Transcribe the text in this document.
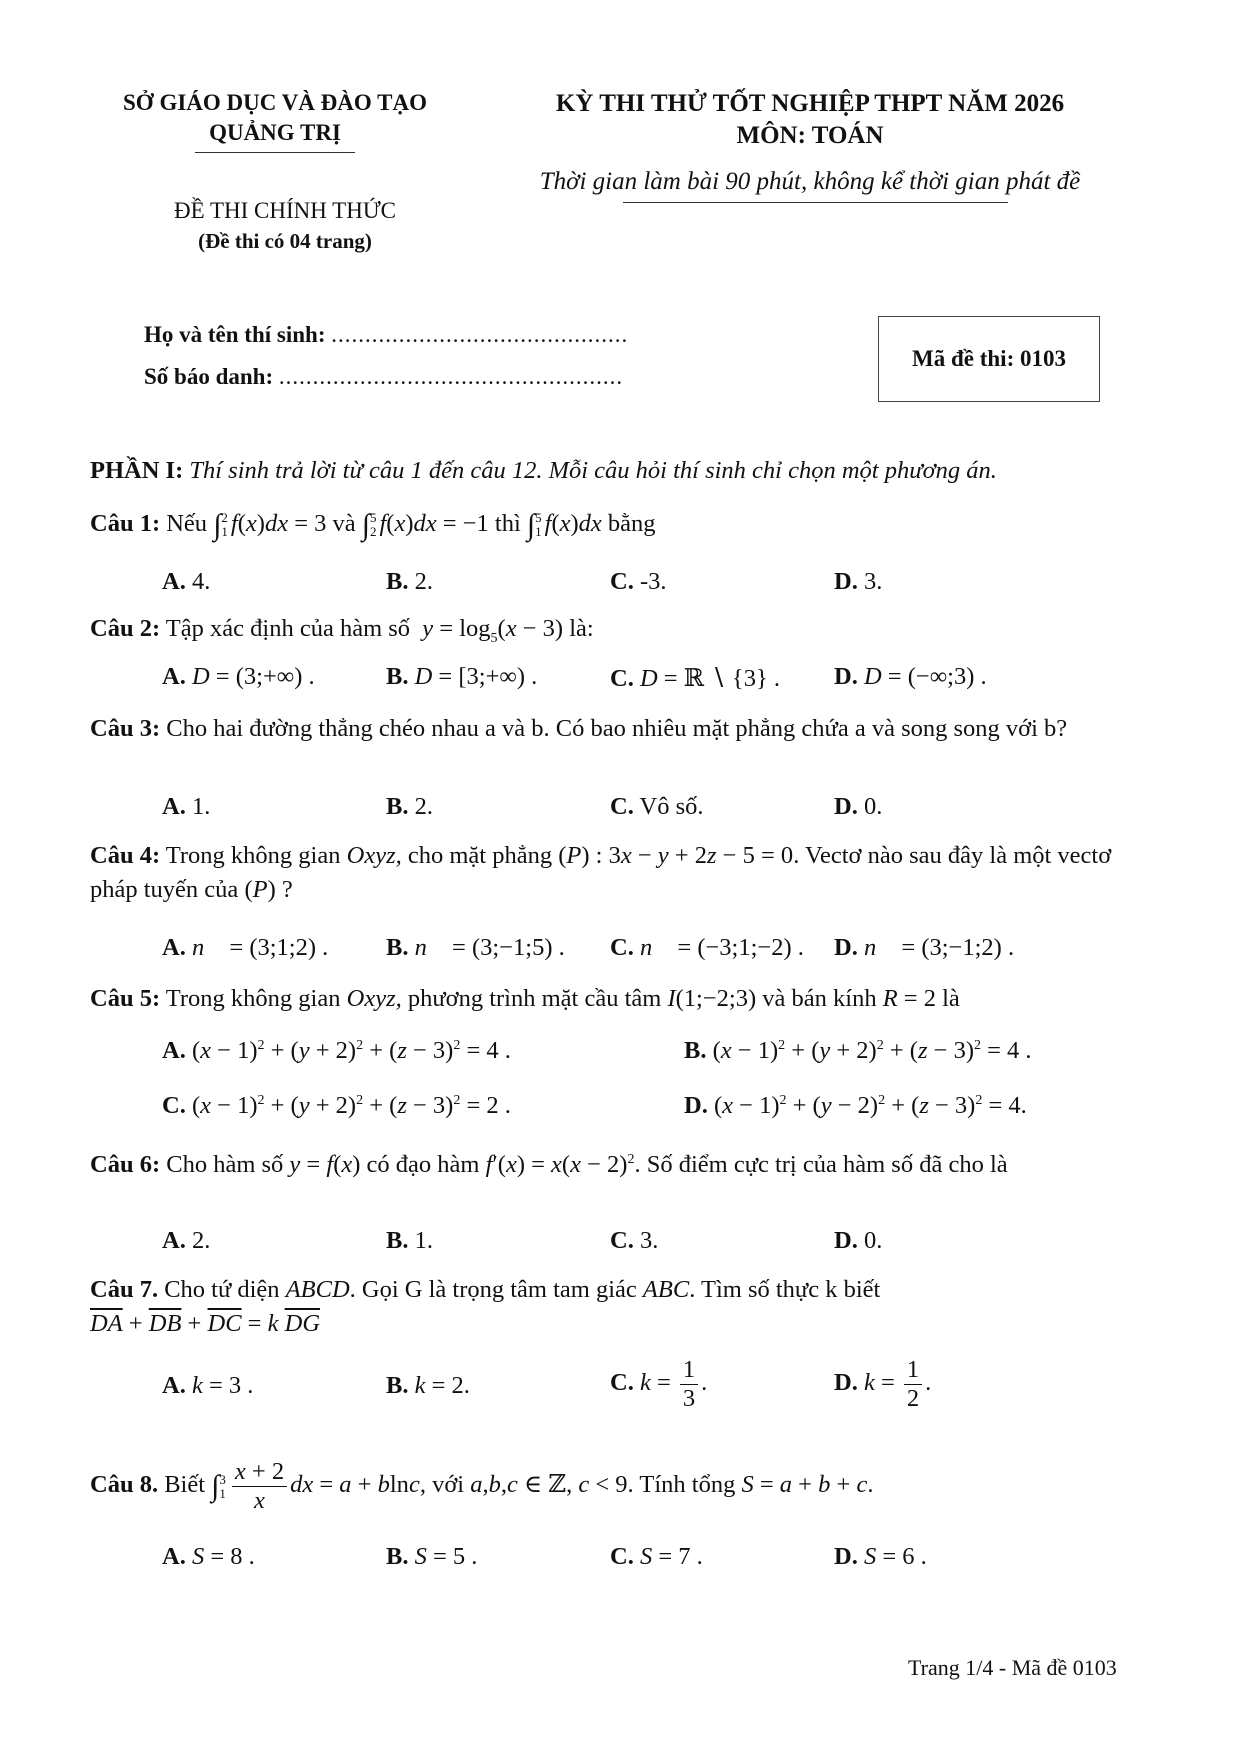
SỞ GIÁO DỤC VÀ ĐÀO TẠO
QUẢNG TRỊ
KỲ THI THỬ TỐT NGHIỆP THPT NĂM 2026
MÔN: TOÁN
Thời gian làm bài 90 phút, không kể thời gian phát đề
ĐỀ THI CHÍNH THỨC
(Đề thi có 04 trang)
Họ và tên thí sinh: ............................................
Số báo danh: ...................................................
Mã đề thi: 0103
PHẦN I: Thí sinh trả lời từ câu 1 đến câu 12. Mỗi câu hỏi thí sinh chỉ chọn một phương án.
Câu 1: Nếu ∫ 2
1 f(x)dx = 3 và ∫ 5
2 f(x)dx = −1 thì ∫ 5
1 f(x)dx bằng
A. 4.	B. 2.	C. -3.	D. 3.
Câu 2: Tập xác định của hàm số $y = \log_5(x - 3)$ là:
A. D = (3;+∞) .	B. D = [3;+∞) .	C. D = ℝ ∖ {3} . D. D = (−∞;3) .
Câu 3: Cho hai đường thẳng chéo nhau a và b. Có bao nhiêu mặt phẳng chứa a và song song với b?
A. 1.	B. 2.	C. Vô số.	D. 0.
Câu 4: Trong không gian Oxyz, cho mặt phẳng (P) : 3x − y + 2z − 5 = 0. Vectơ nào sau đây là một vectơ pháp tuyến của (P) ?
A. n⃗ = (3;1;2) . B. n⃗ = (3;−1;5) . C. n⃗ = (−3;1;−2) . D. n⃗ = (3;−1;2) .
Câu 5: Trong không gian Oxyz, phương trình mặt cầu tâm I(1;−2;3) và bán kính R = 2 là
A. $(x - 1)^2 + (y + 2)^2 + (z - 3)^2 = 4$ .	B. $(x - 1)^2 + (y + 2)^2 + (z - 3)^2 = 4$ .
C. $(x - 1)^2 + (y + 2)^2 + (z - 3)^2 = 2$ .	D. $(x - 1)^2 + (y - 2)^2 + (z - 3)^2 = 4$.
Câu 6: Cho hàm số y = f(x) có đạo hàm $f'(x) = x(x - 2)^2$. Số điểm cực trị của hàm số đã cho là
A. 2.	B. 1.	C. 3.	D. 0.
Câu 7. Cho tứ diện ABCD. Gọi G là trọng tâm tam giác ABC. Tìm số thực k biết
$\overline{DA} + \overline{DB} + \overline{DC} = k$ $\overline{DG}$
A. k = 3 .	B. k = 2.	C. $k = \frac{1}{3}$ .	D. $k = \frac{1}{2}$ .
Câu 8. Biết ∫ 3
$1 \frac{x + 2}{x}$ dx = a + blnc, với a,b,c ∈ ℤ, c < 9. Tính tổng S = a + b + c.
A. S = 8 .	B. S = 5 .	C. S = 7 .	D. S = 6 .
Trang 1/4 - Mã đề 0103
